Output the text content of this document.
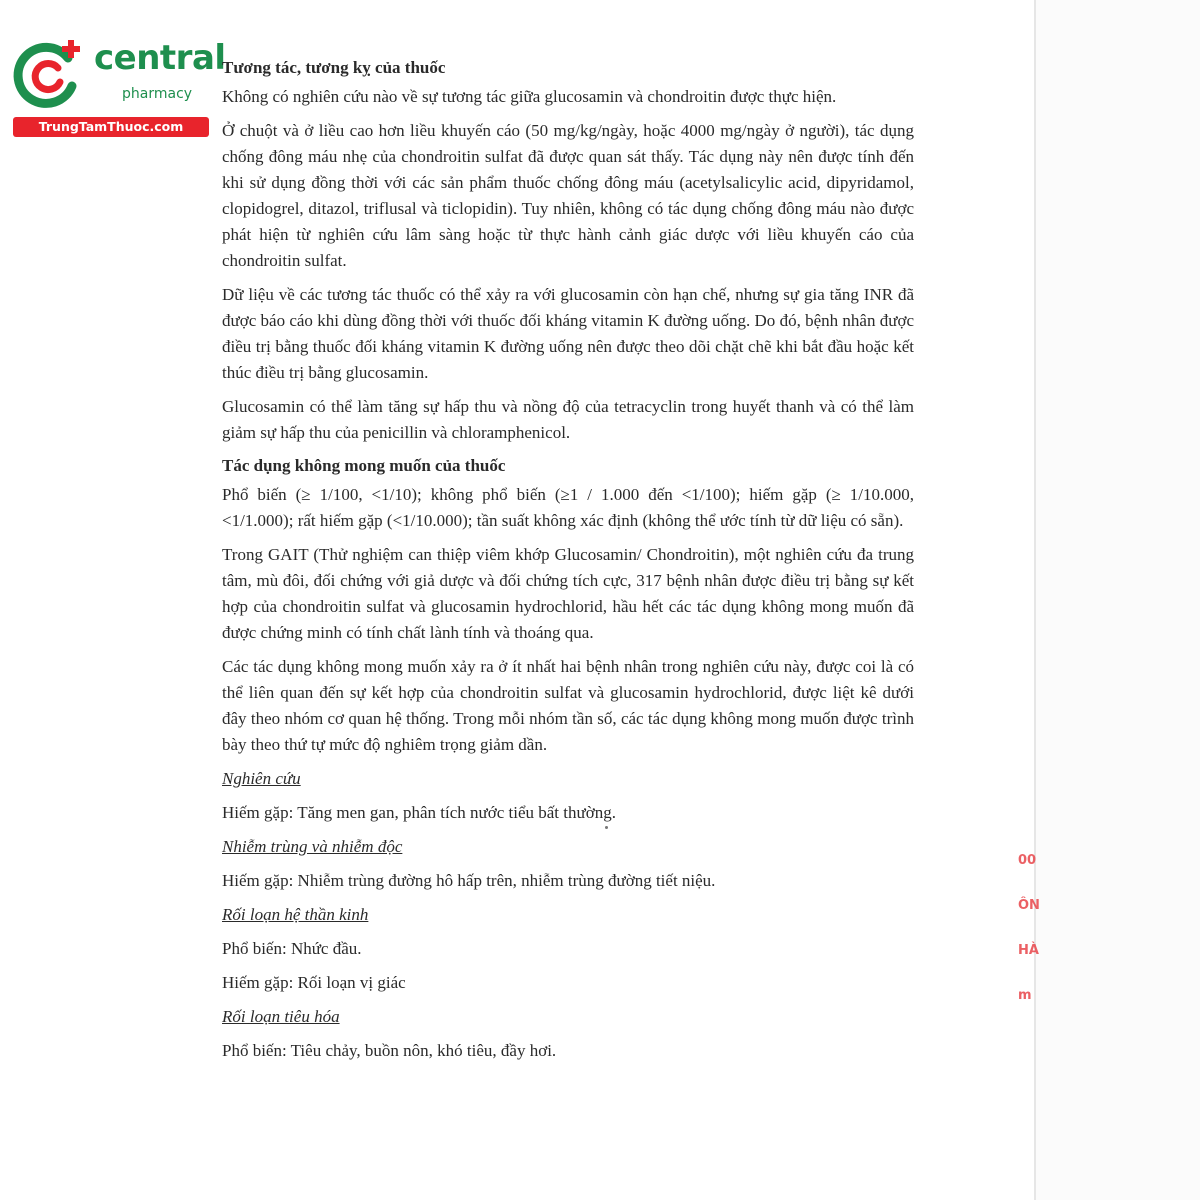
central
pharmacy
TrungTamThuoc.com
Tương tác, tương kỵ của thuốc
Không có nghiên cứu nào về sự tương tác giữa glucosamin và chondroitin được thực hiện.
Ở chuột và ở liều cao hơn liều khuyến cáo (50 mg/kg/ngày, hoặc 4000 mg/ngày ở người), tác dụng chống đông máu nhẹ của chondroitin sulfat đã được quan sát thấy. Tác dụng này nên được tính đến khi sử dụng đồng thời với các sản phẩm thuốc chống đông máu (acetylsalicylic acid, dipyridamol, clopidogrel, ditazol, triflusal và ticlopidin). Tuy nhiên, không có tác dụng chống đông máu nào được phát hiện từ nghiên cứu lâm sàng hoặc từ thực hành cảnh giác dược với liều khuyến cáo của chondroitin sulfat.
Dữ liệu về các tương tác thuốc có thể xảy ra với glucosamin còn hạn chế, nhưng sự gia tăng INR đã được báo cáo khi dùng đồng thời với thuốc đối kháng vitamin K đường uống. Do đó, bệnh nhân được điều trị bằng thuốc đối kháng vitamin K đường uống nên được theo dõi chặt chẽ khi bắt đầu hoặc kết thúc điều trị bằng glucosamin.
Glucosamin có thể làm tăng sự hấp thu và nồng độ của tetracyclin trong huyết thanh và có thể làm giảm sự hấp thu của penicillin và chloramphenicol.
Tác dụng không mong muốn của thuốc
Phổ biến (≥ 1/100, <1/10); không phổ biến (≥1 / 1.000 đến <1/100); hiếm gặp (≥ 1/10.000, <1/1.000); rất hiếm gặp (<1/10.000); tần suất không xác định (không thể ước tính từ dữ liệu có sẵn).
Trong GAIT (Thử nghiệm can thiệp viêm khớp Glucosamin/ Chondroitin), một nghiên cứu đa trung tâm, mù đôi, đối chứng với giả dược và đối chứng tích cực, 317 bệnh nhân được điều trị bằng sự kết hợp của chondroitin sulfat và glucosamin hydrochlorid, hầu hết các tác dụng không mong muốn đã được chứng minh có tính chất lành tính và thoáng qua.
Các tác dụng không mong muốn xảy ra ở ít nhất hai bệnh nhân trong nghiên cứu này, được coi là có thể liên quan đến sự kết hợp của chondroitin sulfat và glucosamin hydrochlorid, được liệt kê dưới đây theo nhóm cơ quan hệ thống. Trong mỗi nhóm tần số, các tác dụng không mong muốn được trình bày theo thứ tự mức độ nghiêm trọng giảm dần.
Nghiên cứu
Hiếm gặp: Tăng men gan, phân tích nước tiểu bất thường.
Nhiễm trùng và nhiễm độc
Hiếm gặp: Nhiễm trùng đường hô hấp trên, nhiễm trùng đường tiết niệu.
Rối loạn hệ thần kinh
Phổ biến: Nhức đầu.
Hiếm gặp: Rối loạn vị giác
Rối loạn tiêu hóa
Phổ biến: Tiêu chảy, buồn nôn, khó tiêu, đầy hơi.
00
ÔN
HÀ
m
